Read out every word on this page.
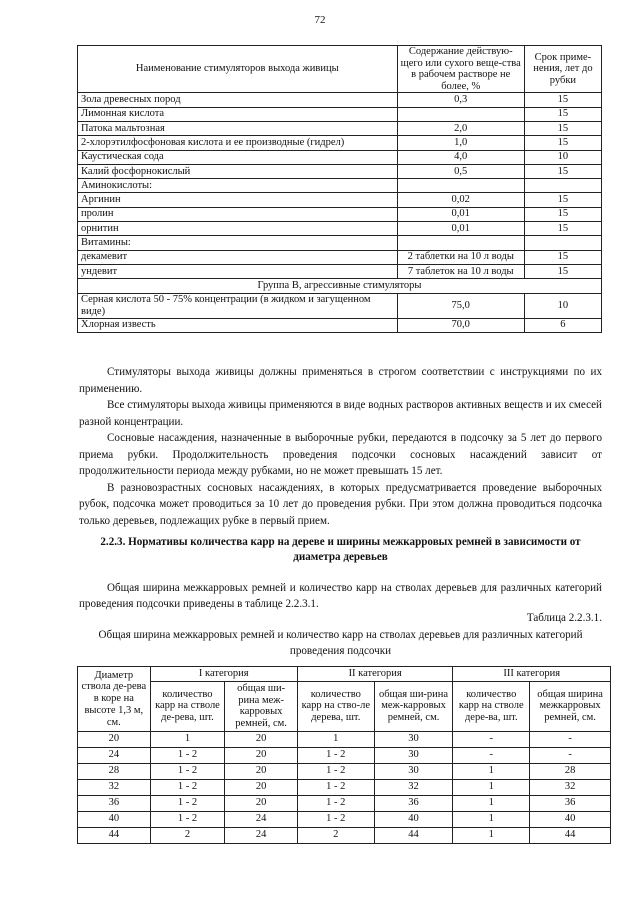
72
Наименование стимуляторов выхода живицы	Содержание действую-щего или сухого веще-ства в рабочем растворе не более, %	Срок приме-нения, лет до рубки
Зола древесных пород	0,3	15
Лимонная кислота		15
Патока мальтозная	2,0	15
2-хлорэтилфосфоновая кислота и ее производные (гидрел)	1,0	15
Каустическая сода	4,0	10
Калий фосфорнокислый	0,5	15
Аминокислоты:		
Аргинин	0,02	15
пролин	0,01	15
орнитин	0,01	15
Витамины:		
декамевит	2 таблетки на 10 л воды	15
ундевит	7 таблеток на 10 л воды	15
Группа В, агрессивные стимуляторы		
Серная кислота 50 - 75% концентрации (в жидком и загущенном виде)	75,0	10
Хлорная известь	70,0	6

Стимуляторы выхода живицы должны применяться в строгом соответствии с инструкциями по их применению.

Все стимуляторы выхода живицы применяются в виде водных растворов активных веществ и их смесей разной концентрации.

Сосновые насаждения, назначенные в выборочные рубки, передаются в подсочку за 5 лет до первого приема рубки. Продолжительность проведения подсочки сосновых насаждений зависит от продолжительности периода между рубками, но не может превышать 15 лет.

В разновозрастных сосновых насаждениях, в которых предусматривается проведение выборочных рубок, подсочка может проводиться за 10 лет до проведения рубки. При этом должна проводиться подсочка только деревьев, подлежащих рубке в первый прием.

2.2.3. Нормативы количества карр на дереве и ширины межкарровых ремней в зависимости от диаметра деревьев

Общая ширина межкарровых ремней и количество карр на стволах деревьев для различных категорий проведения подсочки приведены в таблице 2.2.3.1.

Таблица 2.2.3.1.
Общая ширина межкарровых ремней и количество карр на стволах деревьев для различных категорий проведения подсочки
Диаметр ствола де-рева в коре на высоте 1,3 м, см.	I категория		II категория		III категория	
	количество карр на стволе де-рева, шт.	общая ши-рина меж-карровых ремней, см.	количество карр на ство-ле дерева, шт.	общая ши-рина меж-карровых ремней, см.	количество карр на стволе дере-ва, шт.	общая ширина межкарровых ремней, см.
20	1	20	1	30	-	-
24	1 - 2	20	1 - 2	30	-	-
28	1 - 2	20	1 - 2	30	1	28
32	1 - 2	20	1 - 2	32	1	32
36	1 - 2	20	1 - 2	36	1	36
40	1 - 2	24	1 - 2	40	1	40
44	2	24	2	44	1	44
